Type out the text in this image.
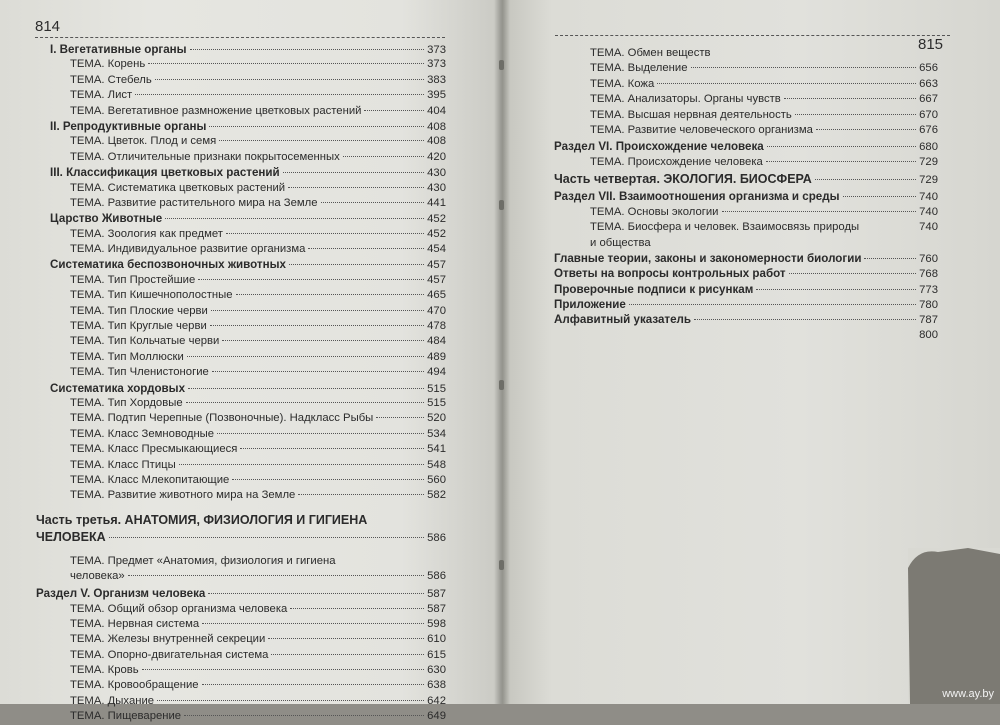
814
815
I. Вегетативные органы	373
ТЕМА. Корень	373
ТЕМА. Стебель	383
ТЕМА. Лист	395
ТЕМА. Вегетативное размножение цветковых растений	404
II. Репродуктивные органы	408
ТЕМА. Цветок. Плод и семя	408
ТЕМА. Отличительные признаки покрытосеменных	420
III. Классификация цветковых растений	430
ТЕМА. Систематика цветковых растений	430
ТЕМА. Развитие растительного мира на Земле	441
Царство Животные	452
ТЕМА. Зоология как предмет	452
ТЕМА. Индивидуальное развитие организма	454
Систематика беспозвоночных животных	457
ТЕМА. Тип Простейшие	457
ТЕМА. Тип Кишечнополостные	465
ТЕМА. Тип Плоские черви	470
ТЕМА. Тип Круглые черви	478
ТЕМА. Тип Кольчатые черви	484
ТЕМА. Тип Моллюски	489
ТЕМА. Тип Членистоногие	494
Систематика хордовых	515
ТЕМА. Тип Хордовые	515
ТЕМА. Подтип Черепные (Позвоночные). Надкласс Рыбы	520
ТЕМА. Класс Земноводные	534
ТЕМА. Класс Пресмыкающиеся	541
ТЕМА. Класс Птицы	548
ТЕМА. Класс Млекопитающие	560
ТЕМА. Развитие животного мира на Земле	582
Часть третья. АНАТОМИЯ, ФИЗИОЛОГИЯ И ГИГИЕНА
ЧЕЛОВЕКА	586
ТЕМА. Предмет «Анатомия, физиология и гигиена
человека»	586
Раздел V. Организм человека	587
ТЕМА. Общий обзор организма человека	587
ТЕМА. Нервная система	598
ТЕМА. Железы внутренней секреции	610
ТЕМА. Опорно-двигательная система	615
ТЕМА. Кровь	630
ТЕМА. Кровообращение	638
ТЕМА. Дыхание	642
ТЕМА. Пищеварение	649
ТЕМА. Обмен веществ
ТЕМА. Выделение	656
ТЕМА. Кожа	663
ТЕМА. Анализаторы. Органы чувств	667
ТЕМА. Высшая нервная деятельность	670
ТЕМА. Развитие человеческого организма	676
Раздел VI. Происхождение человека	680
ТЕМА. Происхождение человека	729
Часть четвертая. ЭКОЛОГИЯ. БИОСФЕРА	729
Раздел VII. Взаимоотношения организма и среды	740
ТЕМА. Основы экологии	740
ТЕМА. Биосфера и человек. Взаимосвязь природы	740
и общества
Главные теории, законы и закономерности биологии	760
Ответы на вопросы контрольных работ	768
Проверочные подписи к рисункам	773
Приложение	780
Алфавитный указатель	787
800
www.ay.by
